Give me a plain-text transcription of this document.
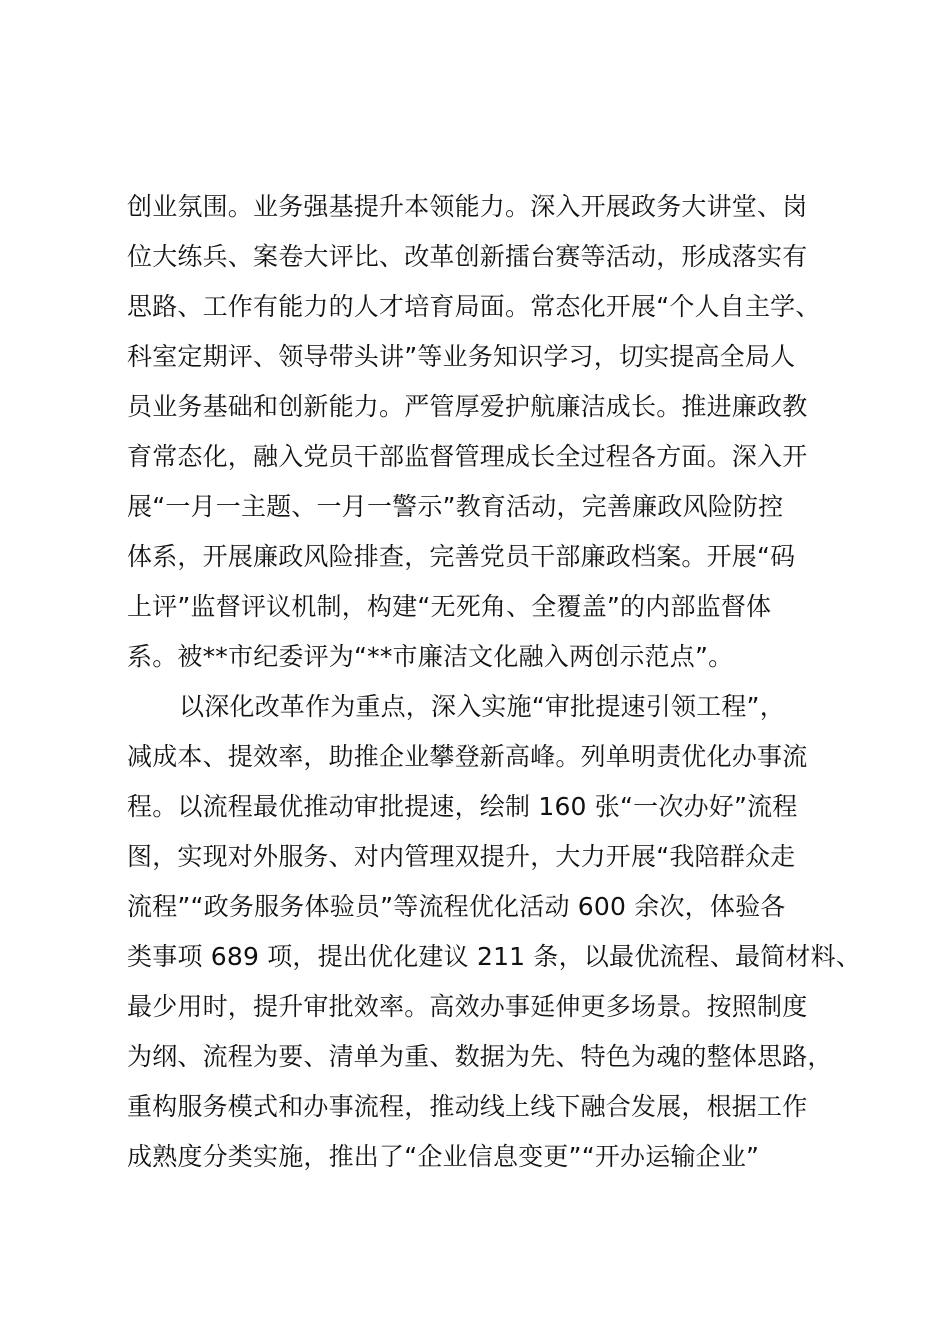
创业氛围。业务强基提升本领能力。深入开展政务大讲堂、岗
位大练兵、案卷大评比、改革创新擂台赛等活动，形成落实有
思路、工作有能力的人才培育局面。常态化开展“个人自主学、
科室定期评、领导带头讲”等业务知识学习，切实提高全局人
员业务基础和创新能力。严管厚爱护航廉洁成长。推进廉政教
育常态化，融入党员干部监督管理成长全过程各方面。深入开
展“一月一主题、一月一警示”教育活动，完善廉政风险防控
体系，开展廉政风险排查，完善党员干部廉政档案。开展“码
上评”监督评议机制，构建“无死角、全覆盖”的内部监督体
系。被**市纪委评为“**市廉洁文化融入两创示范点”。
以深化改革作为重点，深入实施“审批提速引领工程”，
减成本、提效率，助推企业攀登新高峰。列单明责优化办事流
程。以流程最优推动审批提速，绘制 160 张“一次办好”流程
图，实现对外服务、对内管理双提升，大力开展“我陪群众走
流程”“政务服务体验员”等流程优化活动 600 余次，体验各
类事项 689 项，提出优化建议 211 条，以最优流程、最简材料、
最少用时，提升审批效率。高效办事延伸更多场景。按照制度
为纲、流程为要、清单为重、数据为先、特色为魂的整体思路，
重构服务模式和办事流程，推动线上线下融合发展，根据工作
成熟度分类实施，推出了“企业信息变更”“开办运输企业”
